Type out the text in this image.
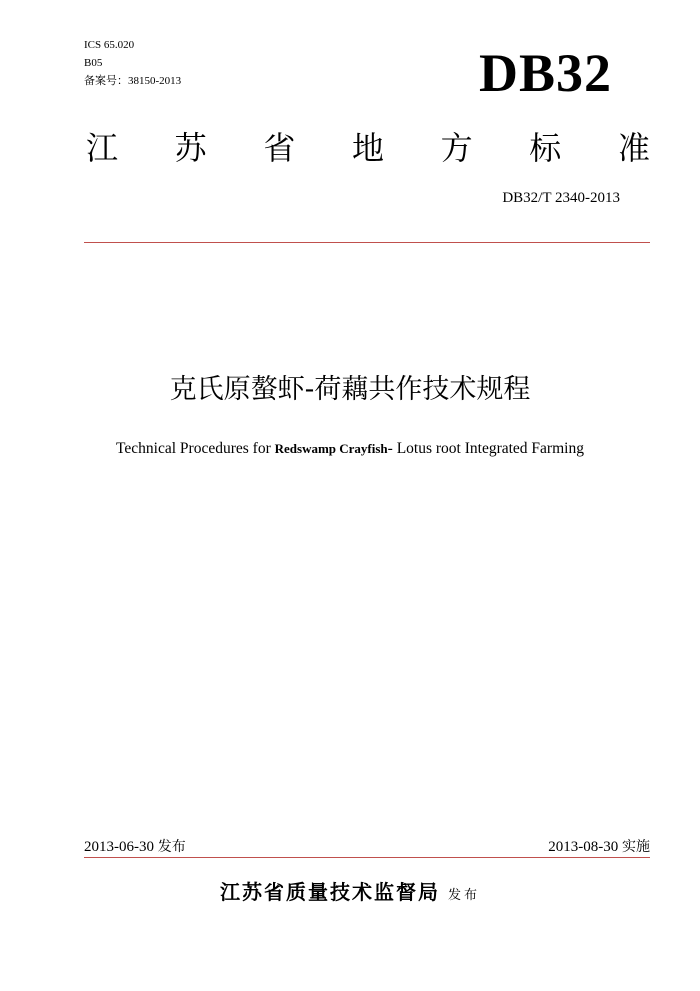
ICS 65.020
B05
备案号：38150-2013	DB32
江 苏 省 地 方 标 准
DB32/T 2340-2013
克氏原螯虾-荷藕共作技术规程
Technical Procedures for Redswamp Crayfish- Lotus root Integrated Farming
2013-06-30 发布	2013-08-30 实施
江苏省质量技术监督局 发布
